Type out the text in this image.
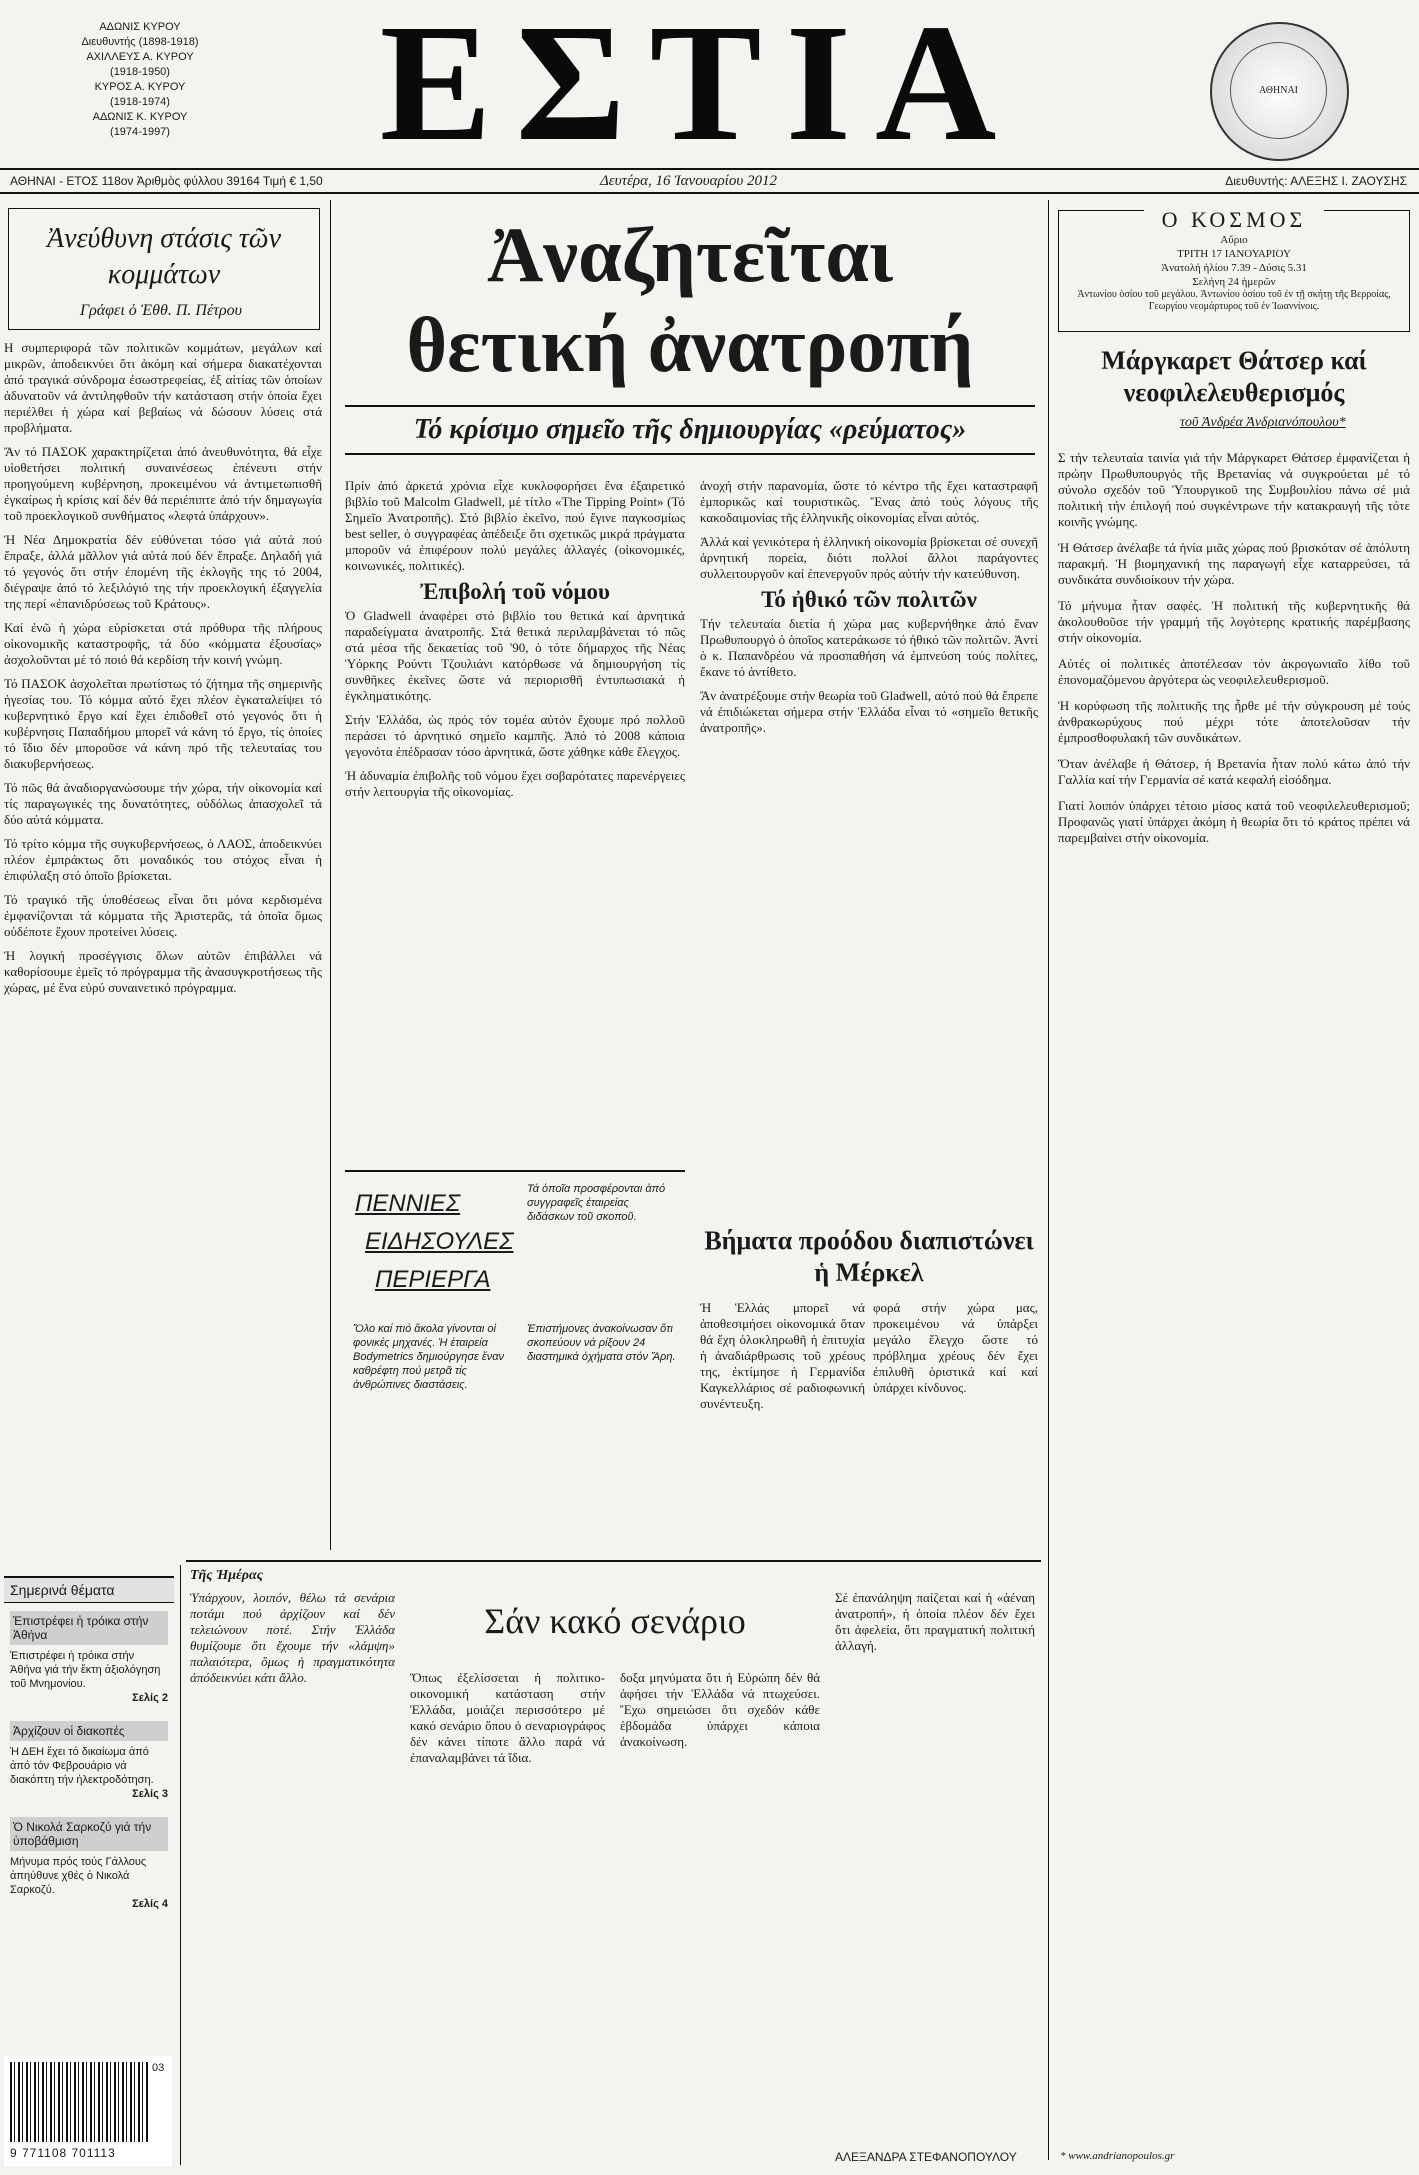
ΑΔΩΝΙΣ ΚΥΡΟΥ
Διευθυντής (1898-1918)
ΑΧΙΛΛΕΥΣ Α. ΚΥΡΟΥ
(1918-1950)
ΚΥΡΟΣ Α. ΚΥΡΟΥ
(1918-1974)
ΑΔΩΝΙΣ Κ. ΚΥΡΟΥ
(1974-1997)	ΕΣΤΙΑ	ΑΘΗΝΑΙ
ΑΘΗΝΑΙ - ΕΤΟΣ 118ον Ἀριθμὸς φύλλου 39164 Τιμή € 1,50	Δευτέρα, 16 Ἰανουαρίου 2012	Διευθυντής: ΑΛΕΞΗΣ Ι. ΖΑΟΥΣΗΣ
Ἀνεύθυνη στάσις τῶν κομμάτων
Γράφει ὁ Ἐθθ. Π. Πέτρου

Η συμπεριφορά τῶν πολιτικῶν κομμάτων, μεγάλων καί μικρῶν, ἀποδεικνύει ὅτι ἀκόμη καί σήμερα διακατέχονται ἀπό τραγικά σύνδρομα ἐσωστρεφείας, ἐξ αἰτίας τῶν ὁποίων ἀδυνατοῦν νά ἀντιληφθοῦν τήν κατάσταση στήν ὁποία ἔχει περιέλθει ἡ χώρα καί βεβαίως νά δώσουν λύσεις στά προβλήματα.

Ἄν τό ΠΑΣΟΚ χαρακτηρίζεται ἀπό ἀνευθυνότητα, θά εἶχε υἱοθετήσει πολιτική συναινέσεως ἐπένευτι στήν προηγούμενη κυβέρνηση, προκειμένου νά ἀντιμετωπισθῆ ἐγκαίρως ἡ κρίσις καί δέν θά περιέπιπτε ἀπό τήν δημαγωγία τοῦ προεκλογικοῦ συνθήματος «λεφτά ὑπάρχουν».

Ἡ Νέα Δημοκρατία δέν εὐθύνεται τόσο γιά αὐτά πού ἔπραξε, ἀλλά μᾶλλον γιά αὐτά πού δέν ἔπραξε. Δηλαδή γιά τό γεγονός ὅτι στήν ἐπομένη τῆς ἐκλογῆς της τό 2004, διέγραψε ἀπό τό λεξιλόγιό της τήν προεκλογική ἐξαγγελία της περί «ἐπανιδρύσεως τοῦ Κράτους».

Καί ἐνῶ ἡ χώρα εὑρίσκεται στά πρόθυρα τῆς πλήρους οἰκονομικῆς καταστροφῆς, τά δύο «κόμματα ἐξουσίας» ἀσχολοῦνται μέ τό ποιό θά κερδίση τήν κοινή γνώμη.

Τό ΠΑΣΟΚ ἀσχολεῖται πρωτίστως τό ζήτημα τῆς σημερινῆς ἡγεσίας του. Τό κόμμα αὐτό ἔχει πλέον ἐγκαταλείψει τό κυβερνητικό ἔργο καί ἔχει ἐπιδοθεῖ στό γεγονός ὅτι ἡ κυβέρνησις Παπαδήμου μπορεῖ νά κάνη τό ἔργο, τίς ὁποίες τό ἴδιο δέν μποροῦσε νά κάνη πρό τῆς τελευταίας του διακυβερνήσεως.

Τό πῶς θά ἀναδιοργανώσουμε τήν χώρα, τήν οἰκονομία καί τίς παραγωγικές της δυνατότητες, οὐδόλως ἀπασχολεῖ τά δύο αὐτά κόμματα.

Τό τρίτο κόμμα τῆς συγκυβερνήσεως, ὁ ΛΑΟΣ, ἀποδεικνύει πλέον ἐμπράκτως ὅτι μοναδικός του στόχος εἶναι ἡ ἐπιφύλαξη στό ὁποῖο βρίσκεται.

Τό τραγικό τῆς ὑποθέσεως εἶναι ὅτι μόνα κερδισμένα ἐμφανίζονται τά κόμματα τῆς Ἀριστερᾶς, τά ὁποῖα ὅμως οὐδέποτε ἔχουν προτείνει λύσεις.

Ἡ λογική προσέγγισις ὅλων αὐτῶν ἐπιβάλλει νά καθορίσουμε ἐμεῖς τό πρόγραμμα τῆς ἀνασυγκροτήσεως τῆς χώρας, μέ ἕνα εὐρύ συναινετικό πρόγραμμα.

Σημερινά θέματα
Ἐπιστρέφει ἡ τρόικα στήν Ἀθήνα
Ἐπιστρέφει ἡ τρόικα στήν Ἀθήνα γιά τήν ἔκτη ἀξιολόγηση τοῦ Μνημονίου.
Σελίς 2
Ἀρχίζουν οἱ διακοπές
Ἡ ΔΕΗ ἔχει τό δικαίωμα ἀπό ἀπό τόν Φεβρουάριο νά διακόπτη τήν ἠλεκτροδότηση.
Σελίς 3
Ὁ Νικολά Σαρκοζύ γιά τήν ὑποβάθμιση
Μήνυμα πρός τούς Γάλλους ἀπηύθυνε χθές ὁ Νικολά Σαρκοζύ.
Σελίς 4
03
9 771108 701113
Ἀναζητεῖται
θετική ἀνατροπή
Τό κρίσιμο σημεῖο τῆς δημιουργίας «ρεύματος»

Πρίν ἀπό ἀρκετά χρόνια εἶχε κυκλοφορήσει ἕνα ἐξαιρετικό βιβλίο τοῦ Malcolm Gladwell, μέ τίτλο «The Tipping Point» (Τό Σημεῖο Ἀνατροπῆς). Στό βιβλίο ἐκεῖνο, πού ἔγινε παγκοσμίως best seller, ὁ συγγραφέας ἀπέδειξε ὅτι σχετικῶς μικρά πράγματα μποροῦν νά ἐπιφέρουν πολύ μεγάλες ἀλλαγές (οἰκονομικές, κοινωνικές, πολιτικές).

Ἐπιβολή τοῦ νόμου

Ὁ Gladwell ἀναφέρει στό βιβλίο του θετικά καί ἀρνητικά παραδείγματα ἀνατροπῆς. Στά θετικά περιλαμβάνεται τό πῶς στά μέσα τῆς δεκαετίας τοῦ '90, ὁ τότε δήμαρχος τῆς Νέας Ὑόρκης Ρούντι Τζουλιάνι κατόρθωσε νά δημιουργήση τίς συνθῆκες ἐκεῖνες ὥστε νά περιορισθῆ ἐντυπωσιακά ἡ ἐγκληματικότης.

Στήν Ἑλλάδα, ὡς πρός τόν τομέα αὐτόν ἔχουμε πρό πολλοῦ περάσει τό ἀρνητικό σημεῖο καμπῆς. Ἀπό τό 2008 κάποια γεγονότα ἐπέδρασαν τόσο ἀρνητικά, ὥστε χάθηκε κάθε ἔλεγχος.

Ἡ ἀδυναμία ἐπιβολῆς τοῦ νόμου ἔχει σοβαρότατες παρενέργειες στήν λειτουργία τῆς οἰκονομίας.

ἀνοχή στήν παρανομία, ὥστε τό κέντρο τῆς ἔχει καταστραφῆ ἐμπορικῶς καί τουριστικῶς. Ἕνας ἀπό τούς λόγους τῆς κακοδαιμονίας τῆς ἑλληνικῆς οἰκονομίας εἶναι αὐτός.

Ἀλλά καί γενικότερα ἡ ἑλληνική οἰκονομία βρίσκεται σέ συνεχῆ ἀρνητική πορεία, διότι πολλοί ἄλλοι παράγοντες συλλειτουργοῦν καί ἐπενεργοῦν πρός αὐτήν τήν κατεύθυνση.

Τό ἠθικό τῶν πολιτῶν

Τήν τελευταία διετία ἡ χώρα μας κυβερνήθηκε ἀπό ἕναν Πρωθυπουργό ὁ ὁποῖος κατεράκωσε τό ἠθικό τῶν πολιτῶν. Ἀντί ὁ κ. Παπανδρέου νά προσπαθήση νά ἐμπνεύση τούς πολίτες, ἔκανε τό ἀντίθετο.

Ἄν ἀνατρέξουμε στήν θεωρία τοῦ Gladwell, αὐτό πού θά ἔπρεπε νά ἐπιδιώκεται σήμερα στήν Ἑλλάδα εἶναι τό «σημεῖο θετικῆς ἀνατροπῆς».

ΠΕΝΝΙΕΣ
ΕΙΔΗΣΟΥΛΕΣ
ΠΕΡΙΕΡΓΑ
Ὅλο καί πιό ἄκολα γίνονται οἱ φονικές μηχανές. Ἡ ἑταιρεία Bodymetrics δημιούργησε ἕναν καθρέφτη πού μετρᾶ τίς ἀνθρώπινες διαστάσεις.
Τά ὁποῖα προσφέρονται ἀπό συγγραφεῖς ἐταιρείας διδάσκων τοῦ σκοποῦ.
Ἐπιστήμονες ἀνακοίνωσαν ὅτι σκοπεύουν νά ρίξουν 24 διαστημικά ὀχήματα στόν Ἄρη.
Βήματα προόδου διαπιστώνει ἡ Μέρκελ
Ἡ Ἑλλάς μπορεῖ νά ἀποθεσιμήσει οἰκονομικά ὅταν θά ἔχη ὁλοκληρωθῆ ἡ ἐπιτυχία ἡ ἀναδιάρθρωσις τοῦ χρέους της, ἐκτίμησε ἡ Γερμανίδα Καγκελλάριος σέ ραδιοφωνική συνέντευξη.
φορά στήν χώρα μας, προκειμένου νά ὑπάρξει μεγάλο ἔλεγχο ὥστε τό πρόβλημα χρέους δέν ἔχει ἐπιλυθῆ ὁριστικά καί καί ὑπάρχει κίνδυνος.
Τῆς Ἡμέρας
Ὑπάρχουν, λοιπόν, θέλω τά σενάρια ποτάμι πού ἀρχίζουν καί δέν τελειώνουν ποτέ. Στήν Ἑλλάδα θυμίζουμε ὅτι ἔχουμε τήν «λάμψη» παλαιότερα, ὅμως ἡ πραγματικότητα ἀπόδεικνύει κάτι ἄλλο.
Σάν κακό σενάριο
Ὅπως ἐξελίσσεται ἡ πολιτικο-οικονομική κατάσταση στήν Ἑλλάδα, μοιάζει περισσότερο μέ κακό σενάριο ὅπου ὁ σεναριογράφος δέν κάνει τίποτε ἄλλο παρά νά ἐπαναλαμβάνει τά ἴδια.
δοξα μηνύματα ὅτι ἡ Εὐρώπη δέν θά ἀφήσει τήν Ἑλλάδα νά πτωχεύσει. Ἔχω σημειώσει ὅτι σχεδόν κάθε ἑβδομάδα ὑπάρχει κάποια ἀνακοίνωση.
Σέ ἐπανάληψη παίζεται καί ἡ «ἀέναη ἀνατροπή», ἡ ὁποία πλέον δέν ἔχει ὅτι ἀφελεία, ὅτι πραγματική πολιτική ἀλλαγή.
ΑΛΕΞΑΝΔΡΑ ΣΤΕΦΑΝΟΠΟΥΛΟΥ
Ο ΚΟΣΜΟΣ
Αὔριο
ΤΡΙΤΗ 17 ΙΑΝΟΥΑΡΙΟΥ
Ἀνατολή ἡλίου 7.39 - Δύσις 5.31
Σελήνη 24 ἡμερῶν
Ἀντωνίου ὁσίου τοῦ μεγάλου. Ἀντωνίου ὁσίου τοῦ ἐν τῇ σκήτῃ τῆς Βερροίας, Γεωργίου νεομάρτυρος τοῦ ἐν Ἰωαννίνοις.
Μάργκαρετ Θάτσερ καί νεοφιλελευθερισμός
τοῦ Ἀνδρέα Ἀνδριανόπουλου*

Σ τήν τελευταία ταινία γιά τήν Μάργκαρετ Θάτσερ ἐμφανίζεται ἡ πρώην Πρωθυπουργός τῆς Βρετανίας νά συγκρούεται μέ τό σύνολο σχεδόν τοῦ Ὑπουργικοῦ της Συμβουλίου πάνω σέ μιά πολιτική τήν ἐπιλογή πού συγκέντρωνε τήν κατακραυγή τῆς τότε κοινῆς γνώμης.

Ἡ Θάτσερ ἀνέλαβε τά ἡνία μιᾶς χώρας πού βρισκόταν σέ ἀπόλυτη παρακμή. Ἡ βιομηχανική της παραγωγή εἶχε καταρρεύσει, τά συνδικάτα συνδιοίκουν τήν χώρα.

Τό μήνυμα ἦταν σαφές. Ἡ πολιτική τῆς κυβερνητικῆς θά ἀκολουθοῦσε τήν γραμμή τῆς λογότερης κρατικής παρέμβασης στήν οἰκονομία.

Αὐτές οἱ πολιτικές ἀποτέλεσαν τόν ἀκρογωνιαῖο λίθο τοῦ ἐπονομαζόμενου ἀργότερα ὡς νεοφιλελευθερισμοῦ.

Ἡ κορύφωση τῆς πολιτικῆς της ἦρθε μέ τήν σύγκρουση μέ τούς ἀνθρακωρύχους πού μέχρι τότε ἀποτελοῦσαν τήν ἐμπροσθοφυλακή τῶν συνδικάτων.

Ὅταν ἀνέλαβε ἡ Θάτσερ, ἡ Βρετανία ἦταν πολύ κάτω ἀπό τήν Γαλλία καί τήν Γερμανία σέ κατά κεφαλή εἰσόδημα.

Γιατί λοιπόν ὑπάρχει τέτοιο μίσος κατά τοῦ νεοφιλελευθερισμοῦ; Προφανῶς γιατί ὑπάρχει ἀκόμη ἡ θεωρία ὅτι τό κράτος πρέπει νά παρεμβαίνει στήν οἰκονομία.

* www.andrianopoulos.gr
